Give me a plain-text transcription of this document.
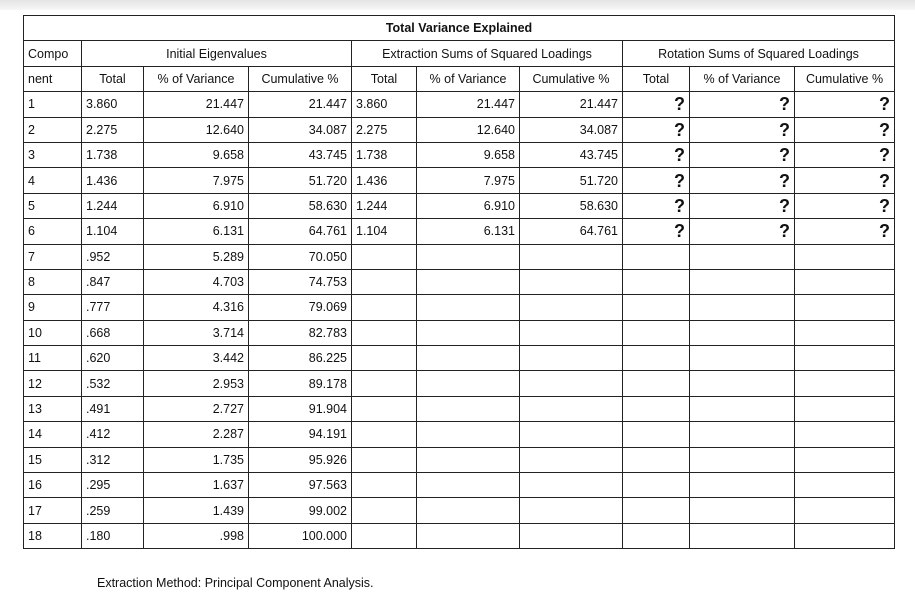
Total Variance Explained									
Compo	Initial Eigenvalues			Extraction Sums of Squared Loadings			Rotation Sums of Squared Loadings		
nent	Total	% of Variance	Cumulative %	Total	% of Variance	Cumulative %	Total	% of Variance	Cumulative %
1	3.860	21.447	21.447	3.860	21.447	21.447	?	?	?
2	2.275	12.640	34.087	2.275	12.640	34.087	?	?	?
3	1.738	9.658	43.745	1.738	9.658	43.745	?	?	?
4	1.436	7.975	51.720	1.436	7.975	51.720	?	?	?
5	1.244	6.910	58.630	1.244	6.910	58.630	?	?	?
6	1.104	6.131	64.761	1.104	6.131	64.761	?	?	?
7	.952	5.289	70.050						
8	.847	4.703	74.753						
9	.777	4.316	79.069						
10	.668	3.714	82.783						
11	.620	3.442	86.225						
12	.532	2.953	89.178						
13	.491	2.727	91.904						
14	.412	2.287	94.191						
15	.312	1.735	95.926						
16	.295	1.637	97.563						
17	.259	1.439	99.002						
18	.180	.998	100.000						
Extraction Method: Principal Component Analysis.
